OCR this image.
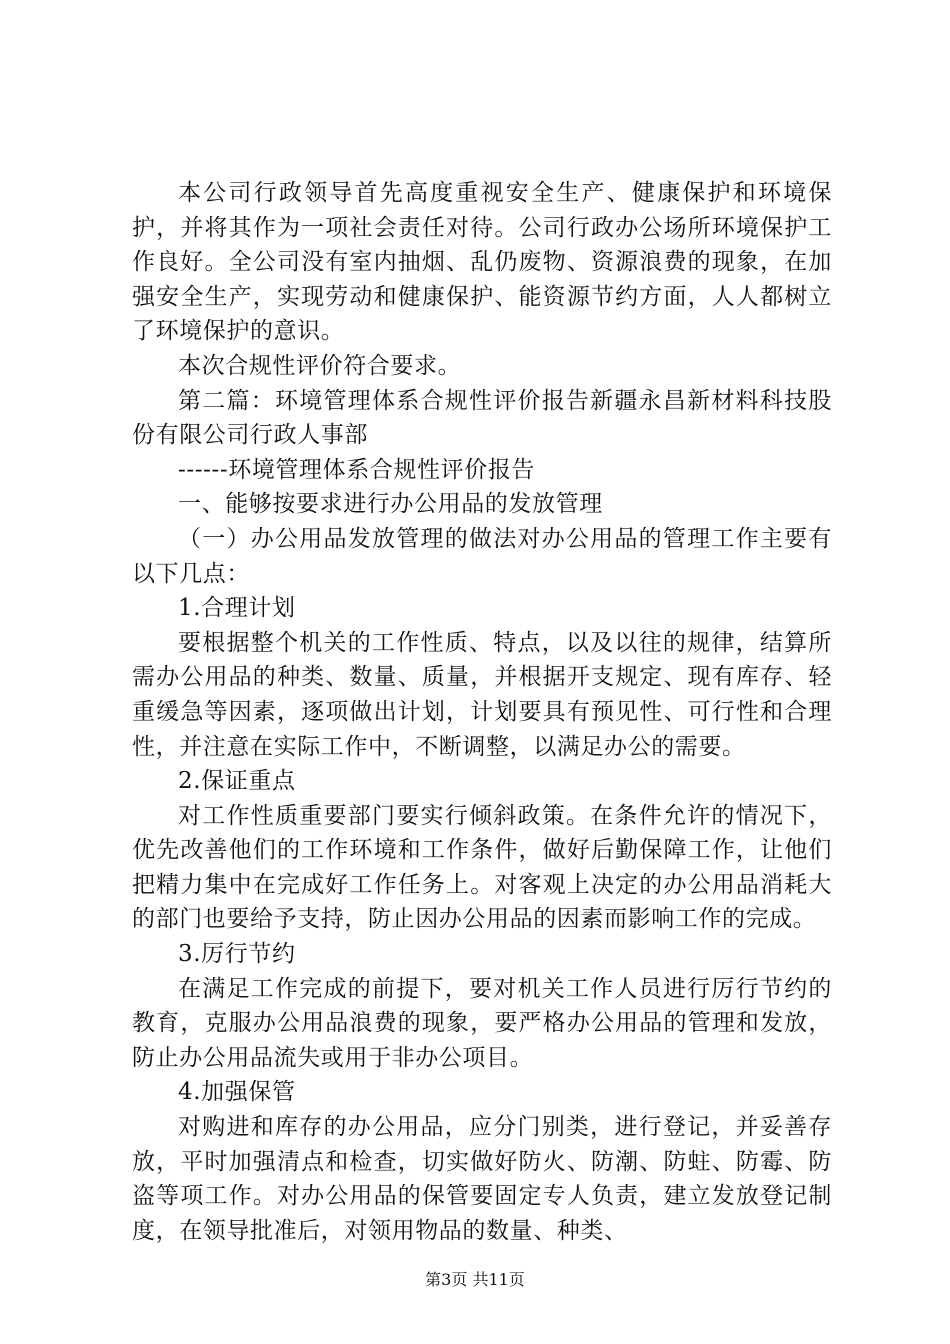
本公司行政领导首先高度重视安全生产、健康保护和环境保护，并将其作为一项社会责任对待。公司行政办公场所环境保护工作良好。全公司没有室内抽烟、乱仍废物、资源浪费的现象，在加强安全生产，实现劳动和健康保护、能资源节约方面，人人都树立了环境保护的意识。

本次合规性评价符合要求。

第二篇：环境管理体系合规性评价报告新疆永昌新材料科技股份有限公司行政人事部

------环境管理体系合规性评价报告

一、能够按要求进行办公用品的发放管理

（一）办公用品发放管理的做法对办公用品的管理工作主要有以下几点：

1.合理计划

要根据整个机关的工作性质、特点，以及以往的规律，结算所需办公用品的种类、数量、质量，并根据开支规定、现有库存、轻重缓急等因素，逐项做出计划，计划要具有预见性、可行性和合理性，并注意在实际工作中，不断调整，以满足办公的需要。

2.保证重点

对工作性质重要部门要实行倾斜政策。在条件允许的情况下，优先改善他们的工作环境和工作条件，做好后勤保障工作，让他们把精力集中在完成好工作任务上。对客观上决定的办公用品消耗大的部门也要给予支持，防止因办公用品的因素而影响工作的完成。

3.厉行节约

在满足工作完成的前提下，要对机关工作人员进行厉行节约的教育，克服办公用品浪费的现象，要严格办公用品的管理和发放，防止办公用品流失或用于非办公项目。

4.加强保管

对购进和库存的办公用品，应分门别类，进行登记，并妥善存放，平时加强清点和检查，切实做好防火、防潮、防蛀、防霉、防盗等项工作。对办公用品的保管要固定专人负责，建立发放登记制度，在领导批准后，对领用物品的数量、种类、

第3页 共11页
